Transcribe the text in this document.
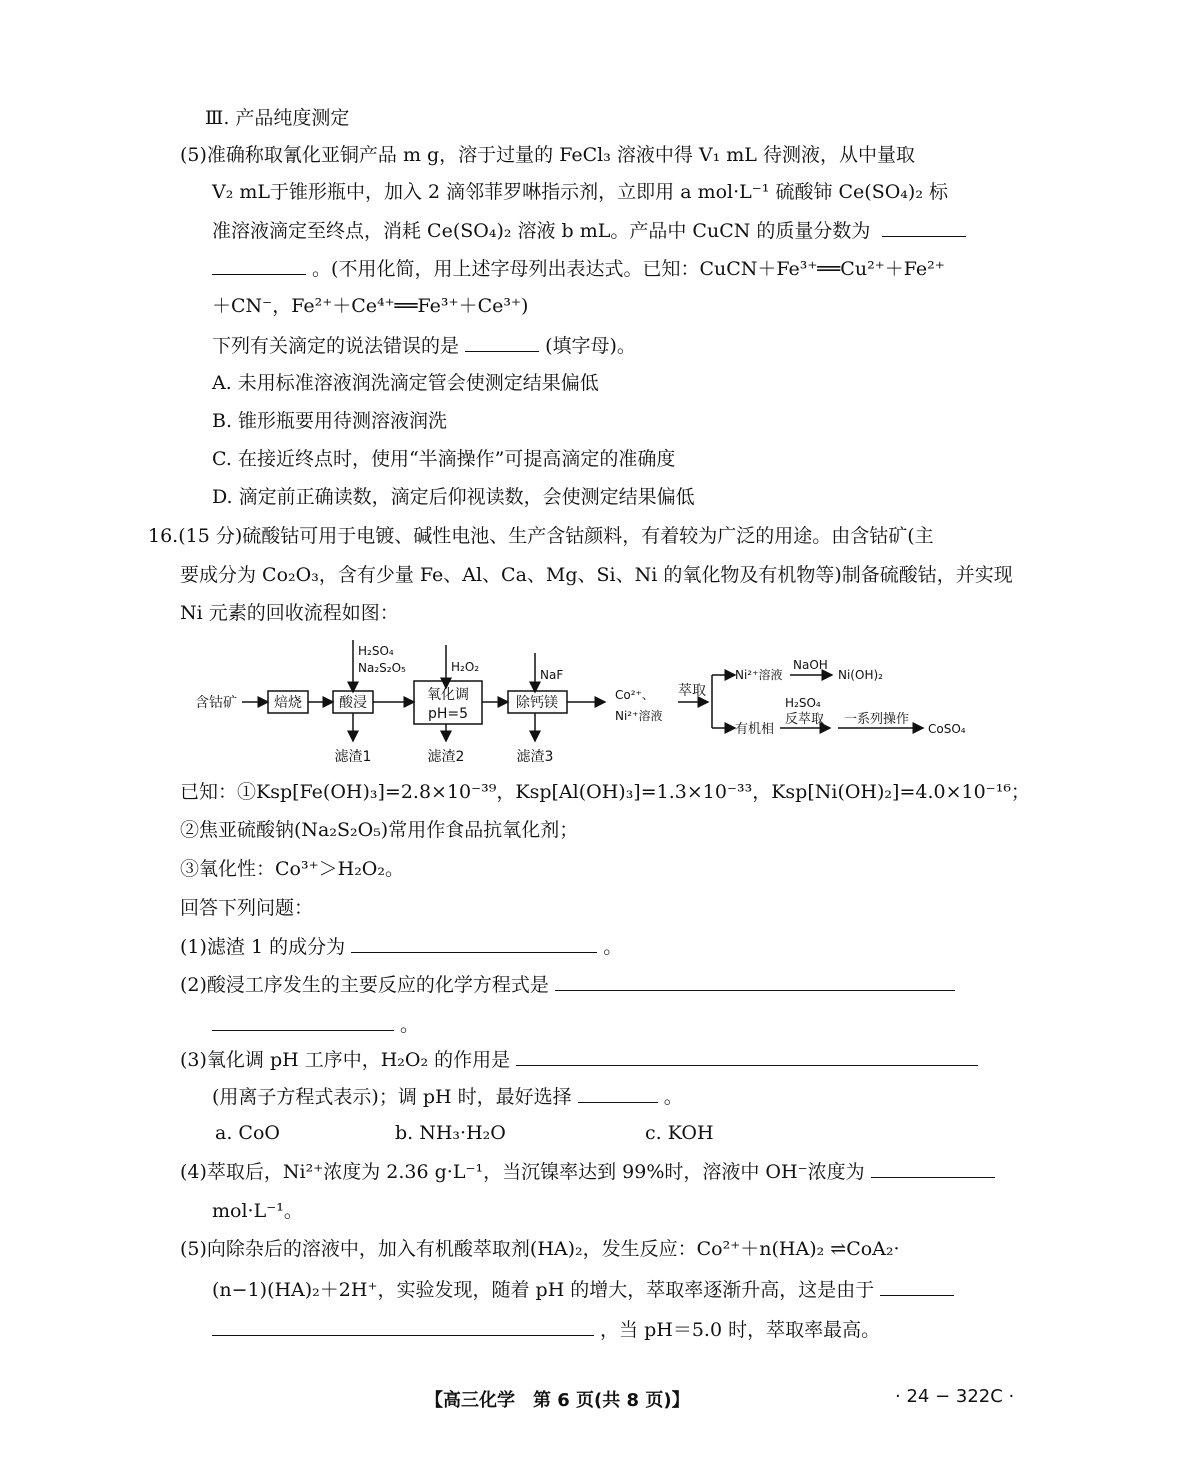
Ⅲ. 产品纯度测定
(5)准确称取氰化亚铜产品 m g，溶于过量的 FeCl₃ 溶液中得 V₁ mL 待测液，从中量取
V₂ mL于锥形瓶中，加入 2 滴邻菲罗啉指示剂，立即用 a mol·L⁻¹ 硫酸铈 Ce(SO₄)₂ 标
准溶液滴定至终点，消耗 Ce(SO₄)₂ 溶液 b mL。产品中 CuCN 的质量分数为
。(不用化简，用上述字母列出表达式。已知：CuCN＋Fe³⁺══Cu²⁺＋Fe²⁺
＋CN⁻，Fe²⁺＋Ce⁴⁺══Fe³⁺＋Ce³⁺)
下列有关滴定的说法错误的是	(填字母)。
A. 未用标准溶液润洗滴定管会使测定结果偏低
B. 锥形瓶要用待测溶液润洗
C. 在接近终点时，使用“半滴操作”可提高滴定的准确度
D. 滴定前正确读数，滴定后仰视读数，会使测定结果偏低
16.(15 分)硫酸钴可用于电镀、碱性电池、生产含钴颜料，有着较为广泛的用途。由含钴矿(主
要成分为 Co₂O₃，含有少量 Fe、Al、Ca、Mg、Si、Ni 的氧化物及有机物等)制备硫酸钴，并实现
Ni 元素的回收流程如图：
含钴矿	焙烧	酸浸	氧化调
pH=5
除钙镁
H₂SO₄
Na₂S₂O₅	H₂O₂
NaF
滤渣1	滤渣2	滤渣3
Co²⁺、
Ni²⁺溶液
萃取
Ni²⁺溶液
NaOH
Ni(OH)₂
有机相
H₂SO₄
反萃取 一系列操作
CoSO₄
已知：①Ksp[Fe(OH)₃]=2.8×10⁻³⁹，Ksp[Al(OH)₃]=1.3×10⁻³³，Ksp[Ni(OH)₂]=4.0×10⁻¹⁶；
②焦亚硫酸钠(Na₂S₂O₅)常用作食品抗氧化剂；
③氧化性：Co³⁺＞H₂O₂。
回答下列问题：
(1)滤渣 1 的成分为	。
(2)酸浸工序发生的主要反应的化学方程式是
。
(3)氧化调 pH 工序中，H₂O₂ 的作用是
(用离子方程式表示)；调 pH 时，最好选择	。
a. CoO	b. NH₃·H₂O	c. KOH
(4)萃取后，Ni²⁺浓度为 2.36 g·L⁻¹，当沉镍率达到 99%时，溶液中 OH⁻浓度为
mol·L⁻¹。
(5)向除杂后的溶液中，加入有机酸萃取剂(HA)₂，发生反应：Co²⁺＋n(HA)₂ ⇌CoA₂·
(n−1)(HA)₂＋2H⁺，实验发现，随着 pH 的增大，萃取率逐渐升高，这是由于
，当 pH＝5.0 时，萃取率最高。
【高三化学　第 6 页(共 8 页)】	· 24 − 322C ·
